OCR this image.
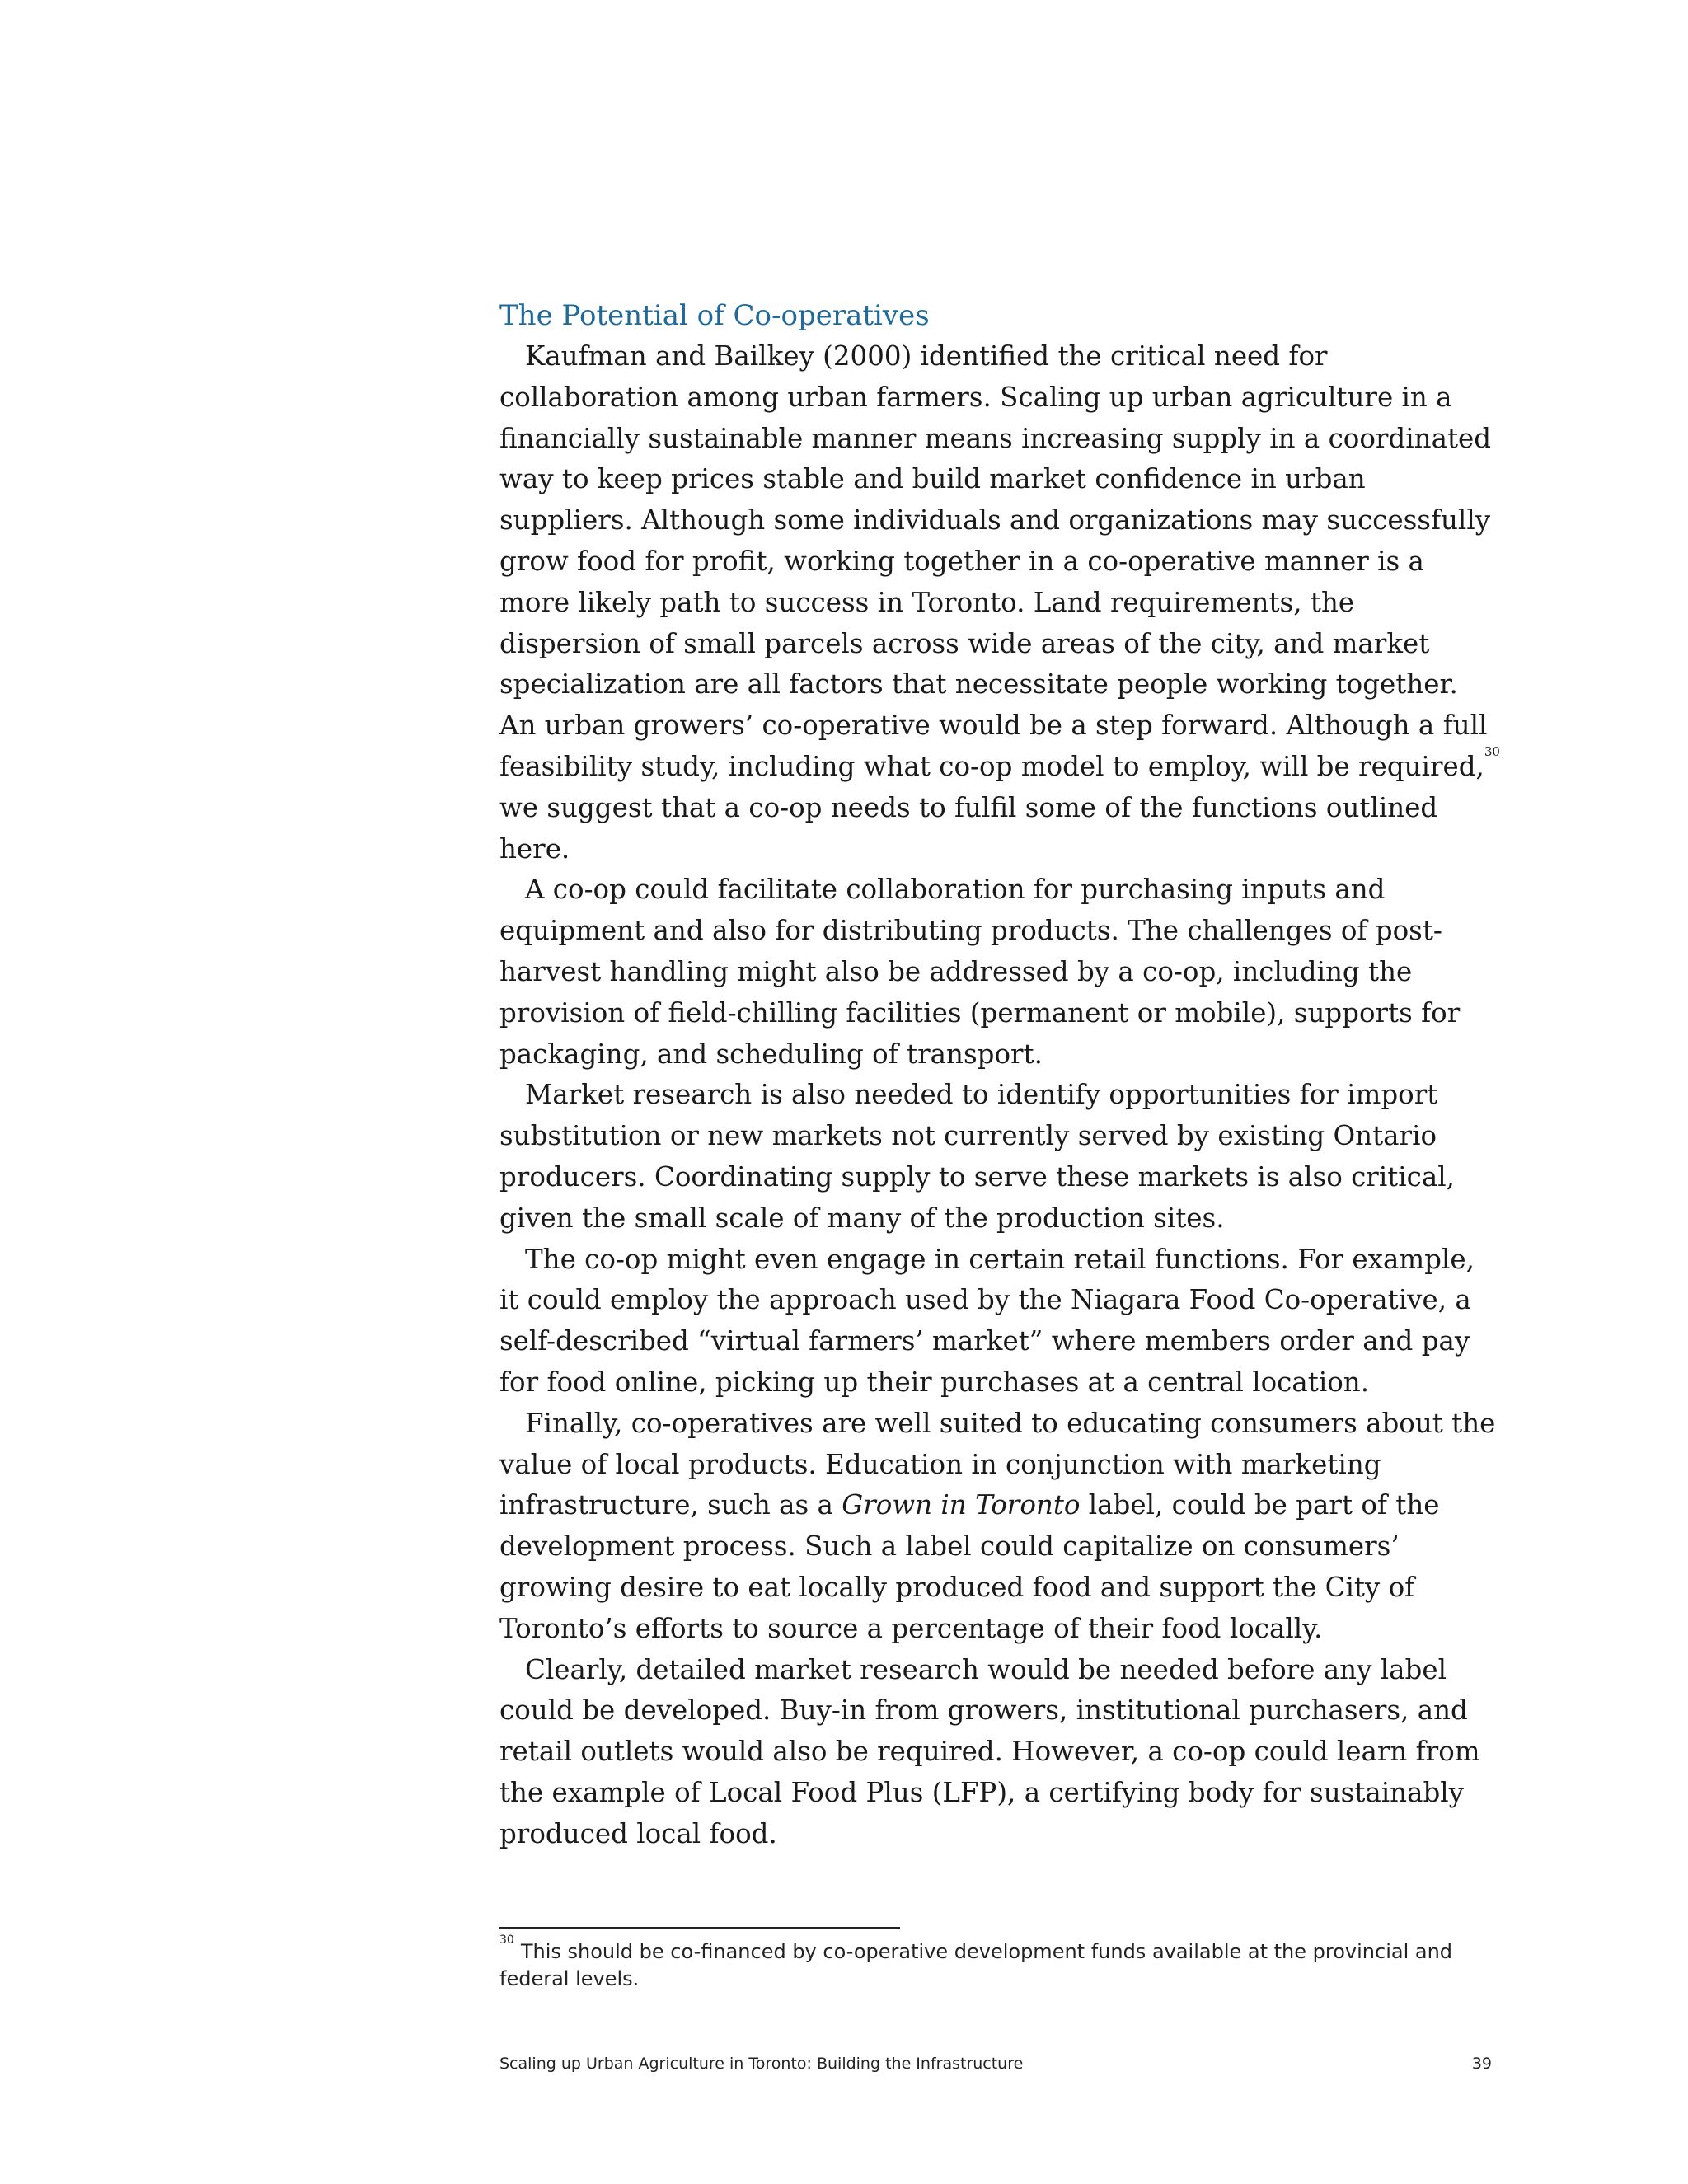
The Potential of Co-operatives

Kaufman and Bailkey (2000) identified the critical need for collaboration among urban farmers. Scaling up urban agriculture in a financially sustainable manner means increasing supply in a coordinated way to keep prices stable and build market confidence in urban suppliers. Although some individuals and organizations may successfully grow food for profit, working together in a co-operative manner is a more likely path to success in Toronto. Land requirements, the dispersion of small parcels across wide areas of the city, and market specialization are all factors that necessitate people working together. An urban growers’ co-operative would be a step forward. Although a full feasibility study, including what co-op model to employ, will be required,$^{30}$ we suggest that a co-op needs to fulfil some of the functions outlined here.

A co-op could facilitate collaboration for purchasing inputs and equipment and also for distributing products. The challenges of post-harvest handling might also be addressed by a co-op, including the provision of field-chilling facilities (permanent or mobile), supports for packaging, and scheduling of transport.

Market research is also needed to identify opportunities for import substitution or new markets not currently served by existing Ontario producers. Coordinating supply to serve these markets is also critical, given the small scale of many of the production sites.

The co-op might even engage in certain retail functions. For example, it could employ the approach used by the Niagara Food Co-operative, a self-described “virtual farmers’ market” where members order and pay for food online, picking up their purchases at a central location.

Finally, co-operatives are well suited to educating consumers about the value of local products. Education in conjunction with marketing infrastructure, such as a Grown in Toronto label, could be part of the development process. Such a label could capitalize on consumers’ growing desire to eat locally produced food and support the City of Toronto’s efforts to source a percentage of their food locally.

Clearly, detailed market research would be needed before any label could be developed. Buy-in from growers, institutional purchasers, and retail outlets would also be required. However, a co-op could learn from the example of Local Food Plus (LFP), a certifying body for sustainably produced local food.

$^{30}$ This should be co-financed by co-operative development funds available at the provincial and federal levels.
Scaling up Urban Agriculture in Toronto: Building the Infrastructure	39
